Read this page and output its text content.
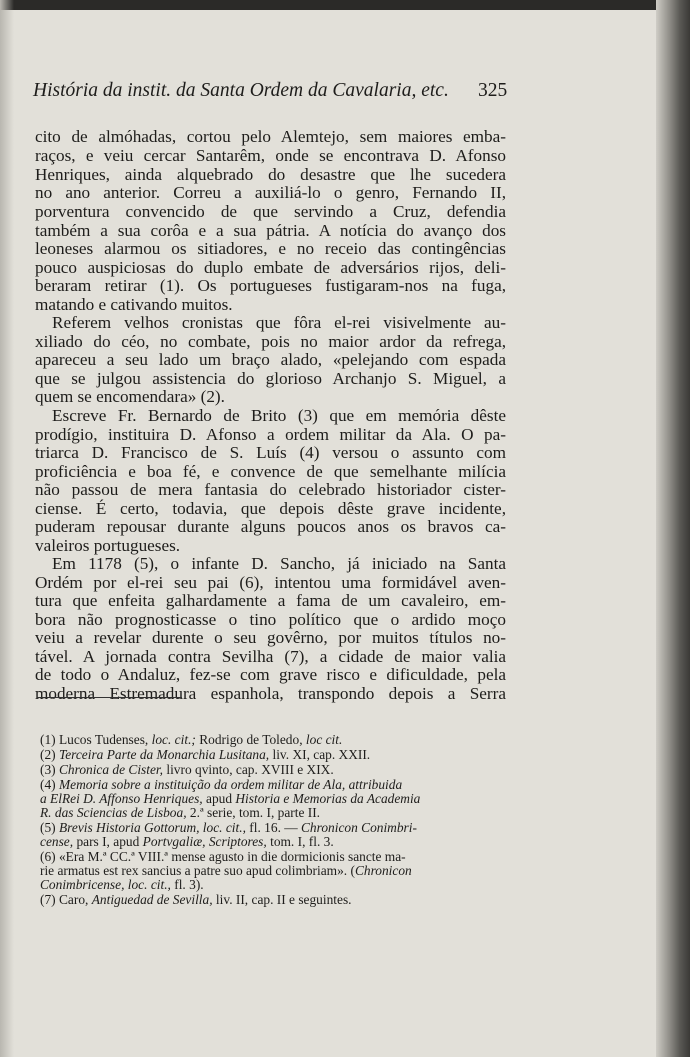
História da instit. da Santa Ordem da Cavalaria, etc.	325
cito de almóhadas, cortou pelo Alemtejo, sem maiores emba-
raços, e veiu cercar Santarêm, onde se encontrava D. Afonso
Henriques, ainda alquebrado do desastre que lhe sucedera
no ano anterior. Correu a auxiliá-lo o genro, Fernando II,
porventura convencido de que servindo a Cruz, defendia
também a sua corôa e a sua pátria. A notícia do avanço dos
leoneses alarmou os sitiadores, e no receio das contingências
pouco auspiciosas do duplo embate de adversários rijos, deli-
beraram retirar (1). Os portugueses fustigaram-nos na fuga,
matando e cativando muitos.
Referem velhos cronistas que fôra el-rei visivelmente au-
xiliado do céo, no combate, pois no maior ardor da refrega,
apareceu a seu lado um braço alado, «pelejando com espada
que se julgou assistencia do glorioso Archanjo S. Miguel, a
quem se encomendara» (2).
Escreve Fr. Bernardo de Brito (3) que em memória dêste
prodígio, instituira D. Afonso a ordem militar da Ala. O pa-
triarca D. Francisco de S. Luís (4) versou o assunto com
proficiência e boa fé, e convence de que semelhante milícia
não passou de mera fantasia do celebrado historiador cister-
ciense. É certo, todavia, que depois dêste grave incidente,
puderam repousar durante alguns poucos anos os bravos ca-
valeiros portugueses.
Em 1178 (5), o infante D. Sancho, já iniciado na Santa
Ordém por el-rei seu pai (6), intentou uma formidável aven-
tura que enfeita galhardamente a fama de um cavaleiro, em-
bora não prognosticasse o tino político que o ardido moço
veiu a revelar durente o seu govêrno, por muitos títulos no-
tável. A jornada contra Sevilha (7), a cidade de maior valia
de todo o Andaluz, fez-se com grave risco e dificuldade, pela
moderna Estremadura espanhola, transpondo depois a Serra
(1) Lucos Tudenses, loc. cit.; Rodrigo de Toledo, loc cit.
(2) Terceira Parte da Monarchia Lusitana, liv. XI, cap. XXII.
(3) Chronica de Cister, livro qvinto, cap. XVIII e XIX.
(4) Memoria sobre a instituição da ordem militar de Ala, attribuida
a ElRei D. Affonso Henriques, apud Historia e Memorias da Academia
R. das Sciencias de Lisboa, 2.ª serie, tom. I, parte II.
(5) Brevis Historia Gottorum, loc. cit., fl. 16. — Chronicon Conimbri-
cense, pars I, apud Portvgaliæ, Scriptores, tom. I, fl. 3.
(6) «Era M.ª CC.ª VIII.ª mense agusto in die dormicionis sancte ma-
rie armatus est rex sancius a patre suo apud colimbriam». (Chronicon
Conimbricense, loc. cit., fl. 3).
(7) Caro, Antiguedad de Sevilla, liv. II, cap. II e seguintes.
